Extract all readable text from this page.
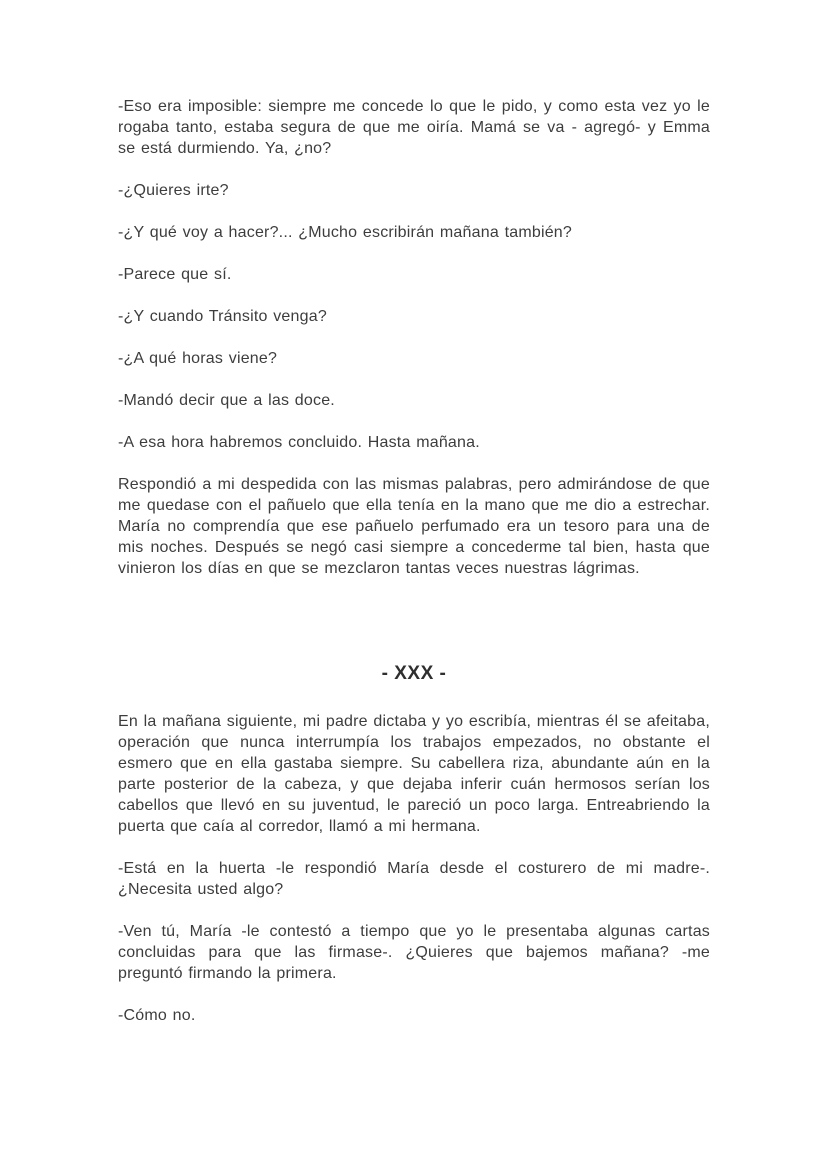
-Eso era imposible: siempre me concede lo que le pido, y como esta vez yo le rogaba tanto, estaba segura de que me oiría. Mamá se va - agregó- y Emma se está durmiendo. Ya, ¿no?

-¿Quieres irte?

-¿Y qué voy a hacer?... ¿Mucho escribirán mañana también?

-Parece que sí.

-¿Y cuando Tránsito venga?

-¿A qué horas viene?

-Mandó decir que a las doce.

-A esa hora habremos concluido. Hasta mañana.

Respondió a mi despedida con las mismas palabras, pero admirándose de que me quedase con el pañuelo que ella tenía en la mano que me dio a estrechar. María no comprendía que ese pañuelo perfumado era un tesoro para una de mis noches. Después se negó casi siempre a concederme tal bien, hasta que vinieron los días en que se mezclaron tantas veces nuestras lágrimas.

- XXX -

En la mañana siguiente, mi padre dictaba y yo escribía, mientras él se afeitaba, operación que nunca interrumpía los trabajos empezados, no obstante el esmero que en ella gastaba siempre. Su cabellera riza, abundante aún en la parte posterior de la cabeza, y que dejaba inferir cuán hermosos serían los cabellos que llevó en su juventud, le pareció un poco larga. Entreabriendo la puerta que caía al corredor, llamó a mi hermana.

-Está en la huerta -le respondió María desde el costurero de mi madre-. ¿Necesita usted algo?

-Ven tú, María -le contestó a tiempo que yo le presentaba algunas cartas concluidas para que las firmase-. ¿Quieres que bajemos mañana? -me preguntó firmando la primera.

-Cómo no.
